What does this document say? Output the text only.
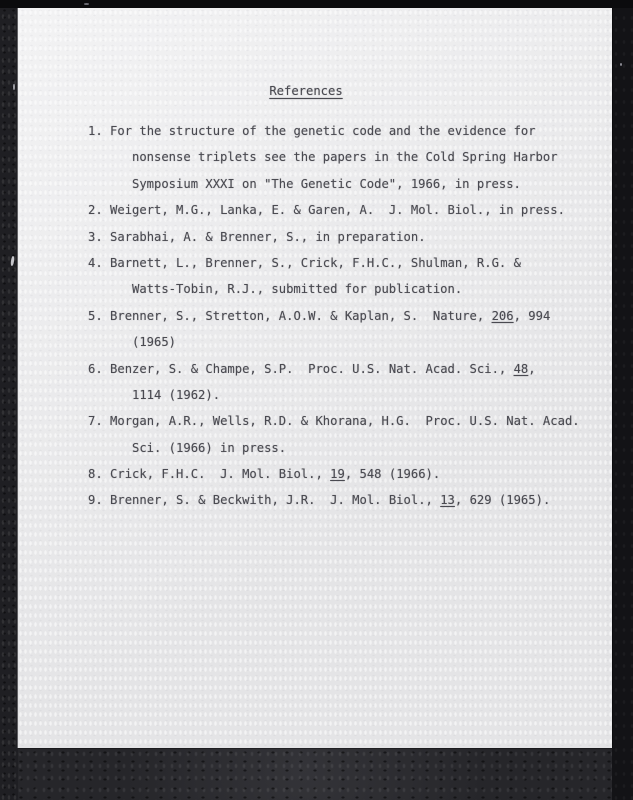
References
1. For the structure of the genetic code and the evidence for
nonsense triplets see the papers in the Cold Spring Harbor
Symposium XXXI on "The Genetic Code", 1966, in press.
2. Weigert, M.G., Lanka, E. & Garen, A.  J. Mol. Biol., in press.
3. Sarabhai, A. & Brenner, S., in preparation.
4. Barnett, L., Brenner, S., Crick, F.H.C., Shulman, R.G. &
Watts-Tobin, R.J., submitted for publication.
5. Brenner, S., Stretton, A.O.W. & Kaplan, S.  Nature, 206, 994
(1965)
6. Benzer, S. & Champe, S.P.  Proc. U.S. Nat. Acad. Sci., 48,
1114 (1962).
7. Morgan, A.R., Wells, R.D. & Khorana, H.G.  Proc. U.S. Nat. Acad.
Sci. (1966) in press.
8. Crick, F.H.C.  J. Mol. Biol., 19, 548 (1966).
9. Brenner, S. & Beckwith, J.R.  J. Mol. Biol., 13, 629 (1965).
